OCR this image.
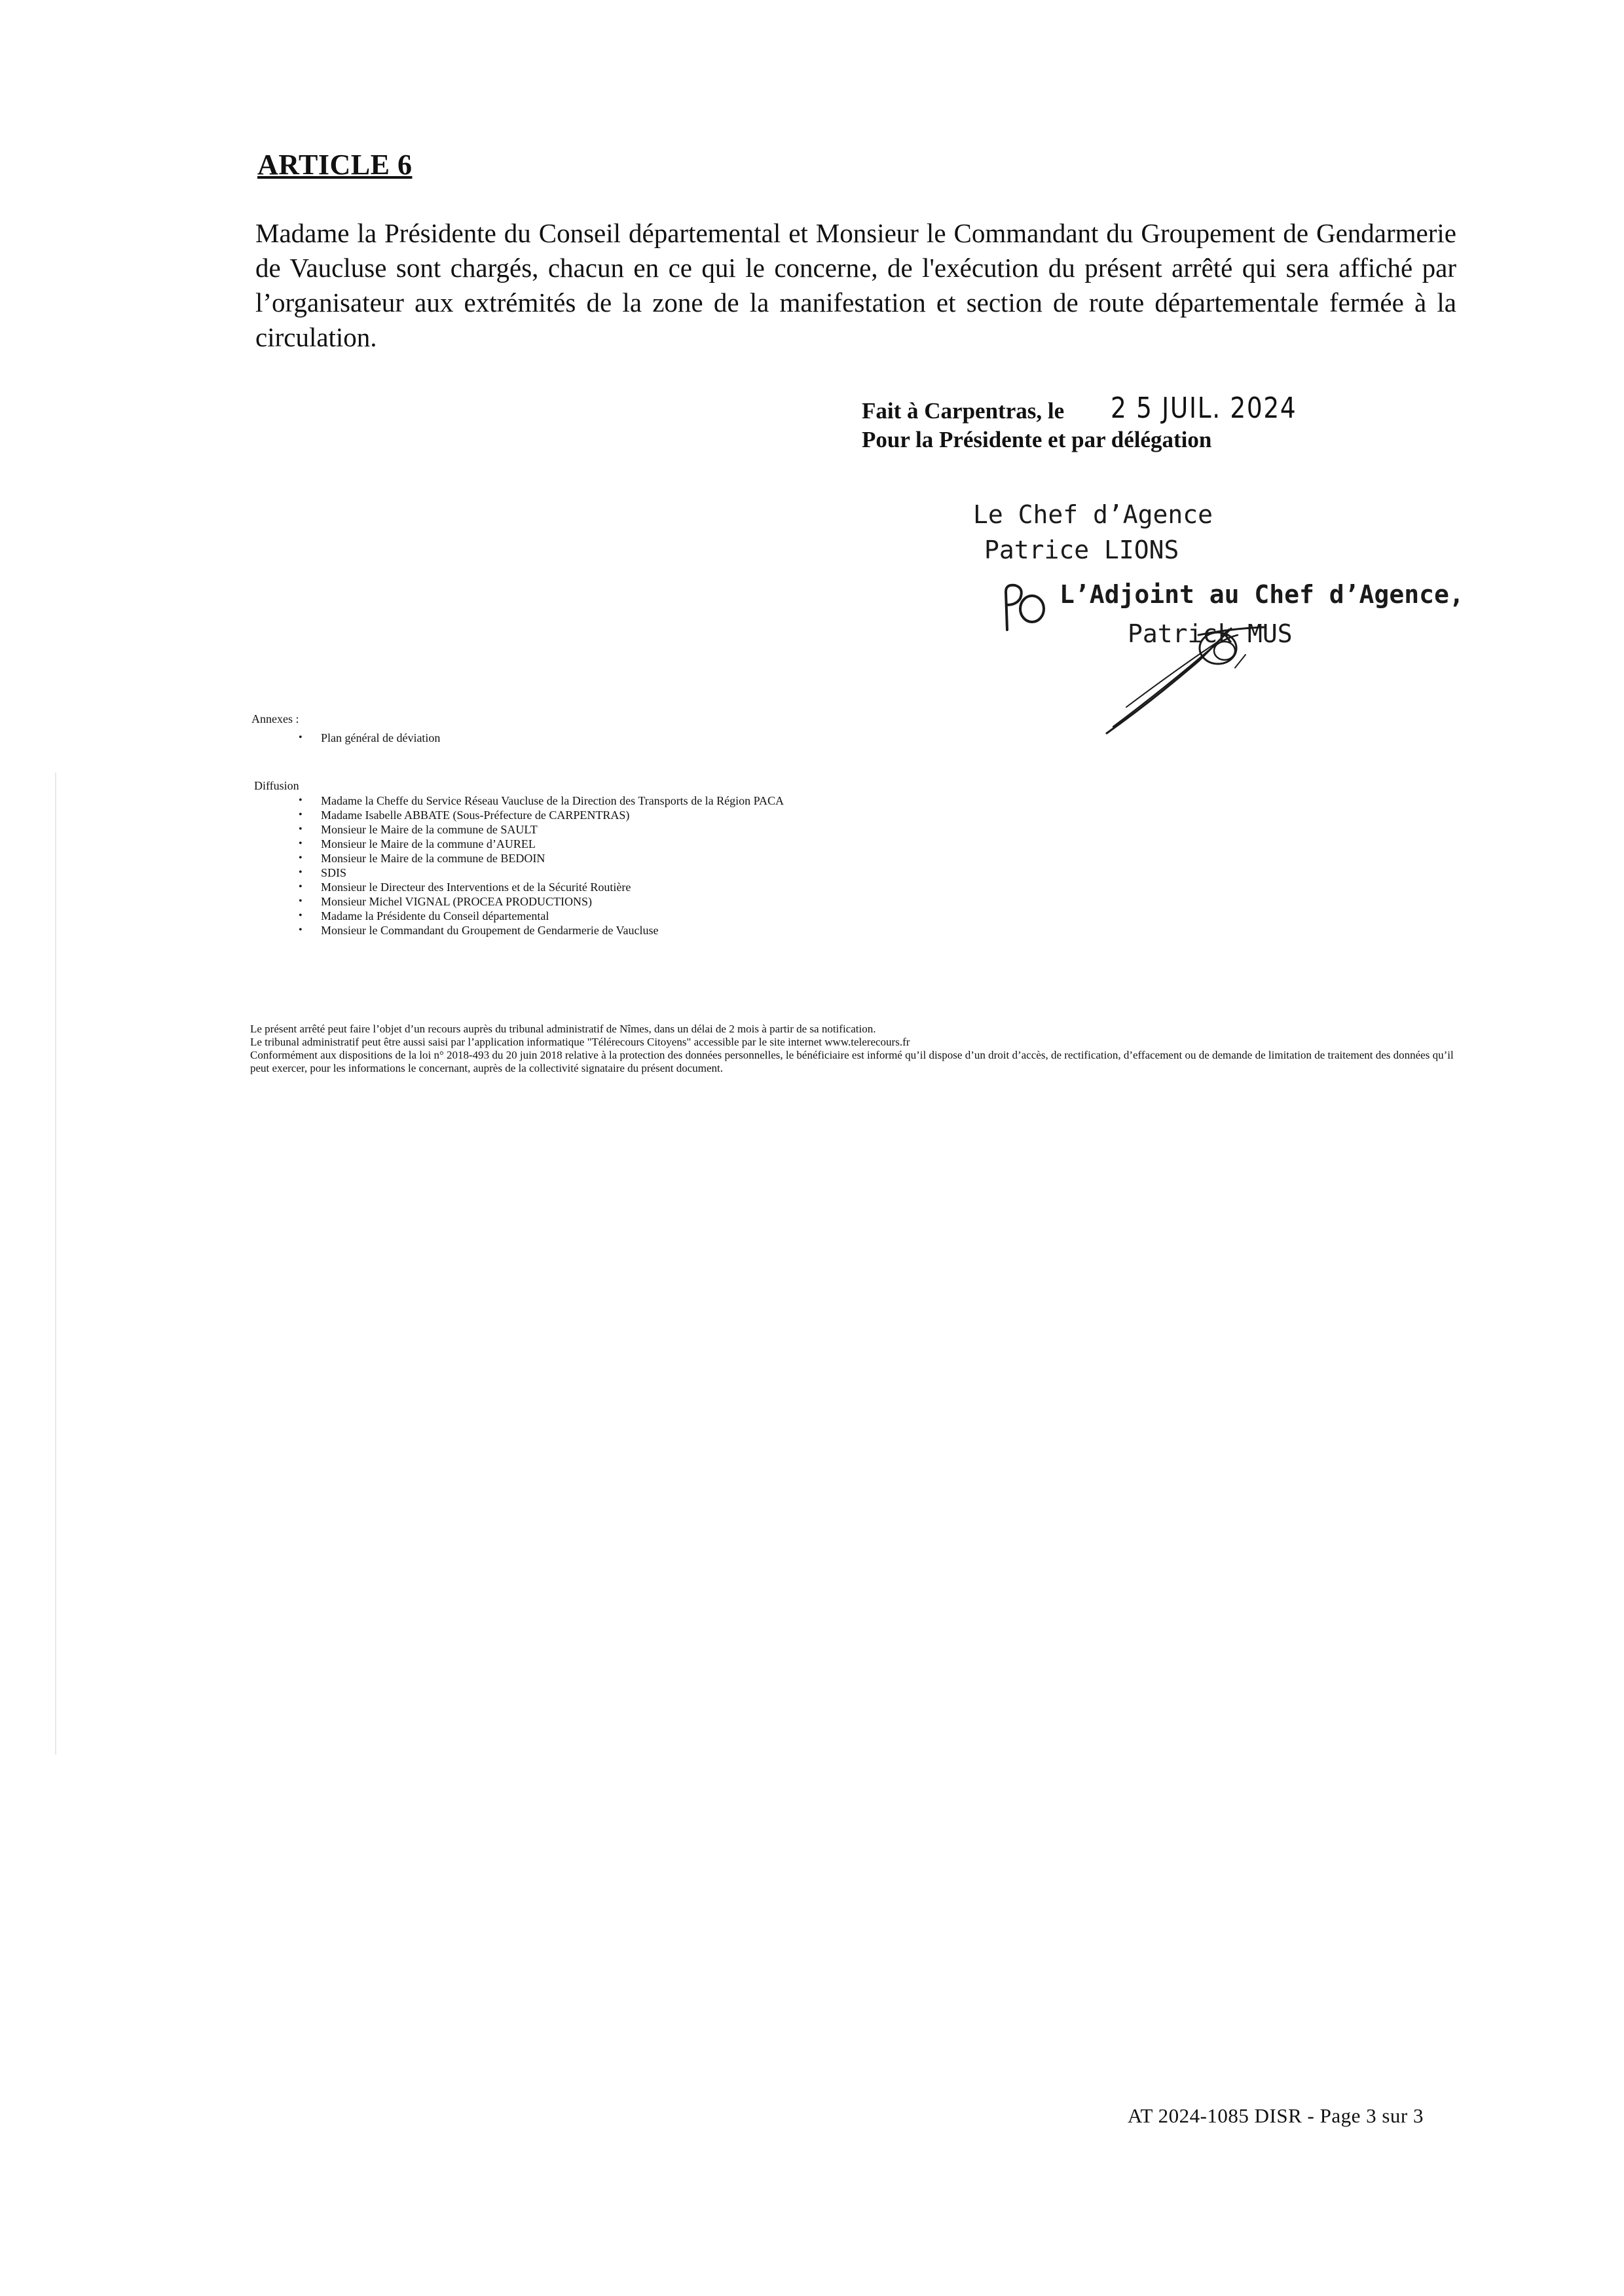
ARTICLE 6
Madame la Présidente du Conseil départemental et Monsieur le Commandant du Groupement de Gendarmerie de Vaucluse sont chargés, chacun en ce qui le concerne, de l'exécution du présent arrêté qui sera affiché par l’organisateur aux extrémités de la zone de la manifestation et section de route départementale fermée à la circulation.
Fait à Carpentras, le 2 5 JUIL. 2024
Pour la Présidente et par délégation
Le Chef d’Agence
Patrice LIONS
L’Adjoint au Chef d’Agence,
Patrick MUS
Annexes :
• Plan général de déviation
Diffusion
• Madame la Cheffe du Service Réseau Vaucluse de la Direction des Transports de la Région PACA
• Madame Isabelle ABBATE (Sous-Préfecture de CARPENTRAS)
• Monsieur le Maire de la commune de SAULT
• Monsieur le Maire de la commune d’AUREL
• Monsieur le Maire de la commune de BEDOIN
• SDIS
• Monsieur le Directeur des Interventions et de la Sécurité Routière
• Monsieur Michel VIGNAL (PROCEA PRODUCTIONS)
• Madame la Présidente du Conseil départemental
• Monsieur le Commandant du Groupement de Gendarmerie de Vaucluse

Le présent arrêté peut faire l’objet d’un recours auprès du tribunal administratif de Nîmes, dans un délai de 2 mois à partir de sa notification.

Le tribunal administratif peut être aussi saisi par l’application informatique "Télérecours Citoyens" accessible par le site internet www.telerecours.fr

Conformément aux dispositions de la loi n° 2018-493 du 20 juin 2018 relative à la protection des données personnelles, le bénéficiaire est informé qu’il dispose d’un droit d’accès, de rectification, d’effacement ou de demande de limitation de traitement des données qu’il peut exercer, pour les informations le concernant, auprès de la collectivité signataire du présent document.

AT 2024-1085 DISR - Page 3 sur 3
